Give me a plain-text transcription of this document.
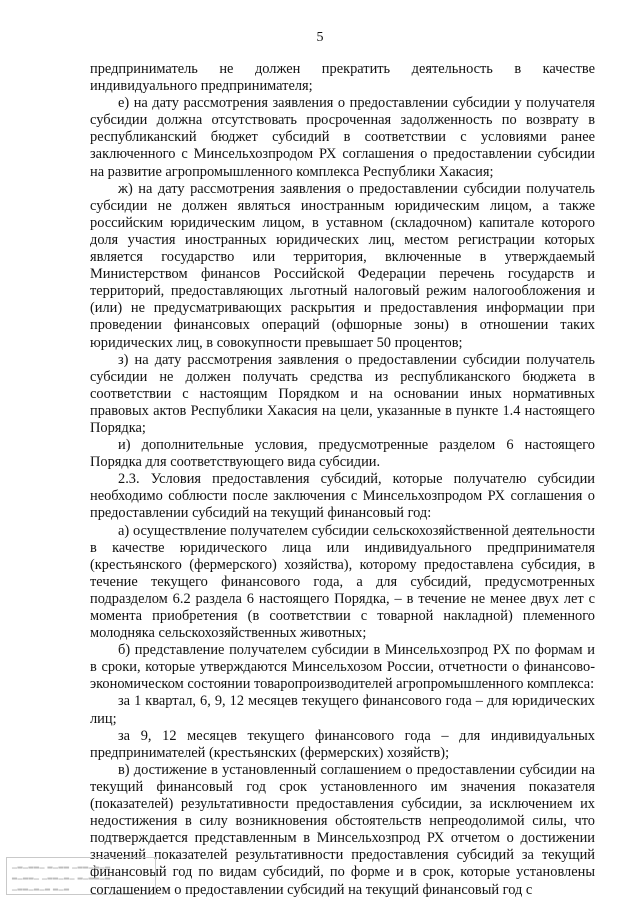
5

предприниматель не должен прекратить деятельность в качестве индивидуального предпринимателя;

е) на дату рассмотрения заявления о предоставлении субсидии у получателя субсидии должна отсутствовать просроченная задолженность по возврату в республиканский бюджет субсидий в соответствии с условиями ранее заключенного с Минсельхозпродом РХ соглашения о предоставлении субсидии на развитие агропромышленного комплекса Республики Хакасия;

ж) на дату рассмотрения заявления о предоставлении субсидии получатель субсидии не должен являться иностранным юридическим лицом, а также российским юридическим лицом, в уставном (складочном) капитале которого доля участия иностранных юридических лиц, местом регистрации которых является государство или территория, включенные в утверждаемый Министерством финансов Российской Федерации перечень государств и территорий, предоставляющих льготный налоговый режим налогообложения и (или) не предусматривающих раскрытия и предоставления информации при проведении финансовых операций (офшорные зоны) в отношении таких юридических лиц, в совокупности превышает 50 процентов;

з) на дату рассмотрения заявления о предоставлении субсидии получатель субсидии не должен получать средства из республиканского бюджета в соответствии с настоящим Порядком и на основании иных нормативных правовых актов Республики Хакасия на цели, указанные в пункте 1.4 настоящего Порядка;

и) дополнительные условия, предусмотренные разделом 6 настоящего Порядка для соответствующего вида субсидии.

2.3. Условия предоставления субсидий, которые получателю субсидии необходимо соблюсти после заключения с Минсельхозпродом РХ соглашения о предоставлении субсидий на текущий финансовый год:

а) осуществление получателем субсидии сельскохозяйственной деятельности в качестве юридического лица или индивидуального предпринимателя (крестьянского (фермерского) хозяйства), которому предоставлена субсидия, в течение текущего финансового года, а для субсидий, предусмотренных подразделом 6.2 раздела 6 настоящего Порядка, – в течение не менее двух лет с момента приобретения (в соответствии с товарной накладной) племенного молодняка сельскохозяйственных животных;

б) представление получателем субсидии в Минсельхозпрод РХ по формам и в сроки, которые утверждаются Минсельхозом России, отчетности о финансово-экономическом состоянии товаропроизводителей агропромышленного комплекса:

за 1 квартал, 6, 9, 12 месяцев текущего финансового года – для юридических лиц;

за 9, 12 месяцев текущего финансового года – для индивидуальных предпринимателей (крестьянских (фермерских) хозяйств);

в) достижение в установленный соглашением о предоставлении субсидии на текущий финансовый год срок установленного им значения показателя (показателей) результативности предоставления субсидии, за исключением их недостижения в силу возникновения обстоятельств непреодолимой силы, что подтверждается представленным в Минсельхозпрод РХ отчетом о достижении значений показателей результативности предоставления субсидий за текущий финансовый год по видам субсидий, по форме и в срок, которые установлены соглашением о предоставлении субсидий на текущий финансовый год с

▁▂▁▂▂▁ ▂▁▂▂ ▁▂▂▁▂▁▂
▂▁▂▂▁ ▁▂▂▁▂▁ ▂▁▂▂▁▂
▁▂▂▁▂▁▂ ▂▁▂
